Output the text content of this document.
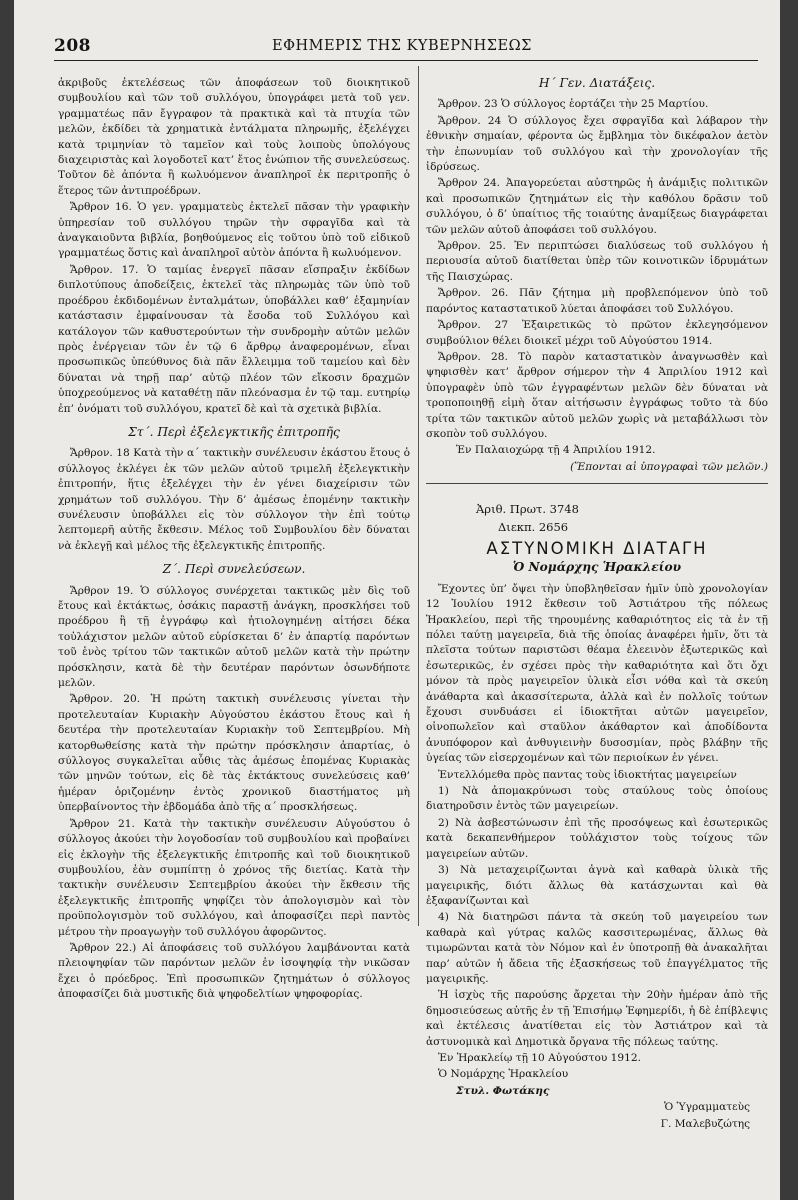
208	ΕΦΗΜΕΡΙΣ ΤΗΣ ΚΥΒΕΡΝΗΣΕΩΣ

ἀκριβοῦς ἐκτελέσεως τῶν ἀποφάσεων τοῦ διοικητικοῦ συμβουλίου καὶ τῶν τοῦ συλλόγου, ὑπογράφει μετὰ τοῦ γεν. γραμματέως πᾶν ἔγγραφον τὰ πρακτικὰ καὶ τὰ πτυχία τῶν μελῶν, ἐκδίδει τὰ χρηματικὰ ἐντάλματα πληρωμῆς, ἐξελέγχει κατὰ τριμηνίαν τὸ ταμεῖον καὶ τοὺς λοιποὺς ὑπολόγους διαχειριστὰς καὶ λογοδοτεῖ κατ’ ἔτος ἐνώπιον τῆς συνελεύσεως. Τοῦτον δὲ ἀπόντα ἢ κωλυόμενον ἀναπληροῖ ἐκ περιτροπῆς ὁ ἕτερος τῶν ἀντιπροέδρων.

Ἄρθρον 16. Ὁ γεν. γραμματεὺς ἐκτελεῖ πᾶσαν τὴν γραφικὴν ὑπηρεσίαν τοῦ συλλόγου τηρῶν τὴν σφραγῖδα καὶ τὰ ἀναγκαιοῦντα βιβλία, βοηθούμενος εἰς τοῦτου ὑπὸ τοῦ εἰδικοῦ γραμματέως ὅστις καὶ ἀναπληροῖ αὐτὸν ἀπόντα ἢ κωλυόμενον.

Ἄρθρον. 17. Ὁ ταμίας ἐνεργεῖ πᾶσαν εἴσπραξιν ἐκδίδων διπλοτύπους ἀποδείξεις, ἐκτελεῖ τὰς πληρωμὰς τῶν ὑπὸ τοῦ προέδρου ἐκδιδομένων ἐνταλμάτων, ὑποβάλλει καθ’ ἑξαμηνίαν κατάστασιν ἐμφαίνουσαν τὰ ἔσοδα τοῦ Συλλόγου καὶ κατάλογον τῶν καθυστερούντων τὴν συνδρομὴν αὐτῶν μελῶν πρὸς ἐνέργειαν τῶν ἐν τῷ 6 ἄρθρῳ ἀναφερομένων, εἶναι προσωπικῶς ὑπεύθυνος διὰ πᾶν ἔλλειμμα τοῦ ταμείου καὶ δὲν δύναται νὰ τηρῇ παρ’ αὐτῷ πλέον τῶν εἴκοσιν δραχμῶν ὑποχρεούμενος νὰ καταθέτῃ πᾶν πλεόνασμα ἐν τῷ ταμ. ευτηρίῳ ἐπ’ ὀνόματι τοῦ συλλόγου, κρατεῖ δὲ καὶ τὰ σχετικὰ βιβλία.

Στ΄. Περὶ ἐξελεγκτικῆς ἐπιτροπῆς

Ἄρθρον. 18 Κατὰ τὴν α΄ τακτικὴν συνέλευσιν ἑκάστου ἔτους ὁ σύλλογος ἐκλέγει ἐκ τῶν μελῶν αὐτοῦ τριμελῆ ἐξελεγκτικὴν ἐπιτροπήν, ἥτις ἐξελέγχει τὴν ἐν γένει διαχείρισιν τῶν χρημάτων τοῦ συλλόγου. Τὴν δ’ ἀμέσως ἑπομένην τακτικὴν συνέλευσιν ὑποβάλλει εἰς τὸν σύλλογον τὴν ἐπὶ τούτῳ λεπτομερῆ αὐτῆς ἔκθεσιν. Μέλος τοῦ Συμβουλίου δὲν δύναται νὰ ἐκλεγῇ καὶ μέλος τῆς ἐξελεγκτικῆς ἐπιτροπῆς.

Ζ΄. Περὶ συνελεύσεων.

Ἄρθρον 19. Ὁ σύλλογος συνέρχεται τακτικῶς μὲν δὶς τοῦ ἔτους καὶ ἐκτάκτως, ὁσάκις παραστῇ ἀνάγκη, προσκλήσει τοῦ προέδρου ἢ τῇ ἐγγράφῳ καὶ ἠτιολογημένῃ αἰτήσει δέκα τοὐλάχιστον μελῶν αὐτοῦ εὑρίσκεται δ’ ἐν ἀπαρτίᾳ παρόντων τοῦ ἑνὸς τρίτου τῶν τακτικῶν αὐτοῦ μελῶν κατὰ τὴν πρώτην πρόσκλησιν, κατὰ δὲ τὴν δευτέραν παρόντων ὁσωνδήποτε μελῶν.

Ἄρθρον. 20. Ἡ πρώτη τακτικὴ συνέλευσις γίνεται τὴν προτελευταίαν Κυριακὴν Αὐγούστου ἑκάστου ἔτους καὶ ἡ δευτέρα τὴν προτελευταίαν Κυριακὴν τοῦ Σεπτεμβρίου. Μὴ κατορθωθείσης κατὰ τὴν πρώτην πρόσκλησιν ἀπαρτίας, ὁ σύλλογος συγκαλεῖται αὖθις τὰς ἀμέσως ἑπομένας Κυριακὰς τῶν μηνῶν τούτων, εἰς δὲ τὰς ἐκτάκτους συνελεύσεις καθ’ ἡμέραν ὁριζομένην ἐντὸς χρονικοῦ διαστήματος μὴ ὑπερβαίνοντος τὴν ἑβδομάδα ἀπὸ τῆς α΄ προσκλήσεως.

Ἄρθρον 21. Κατὰ τὴν τακτικὴν συνέλευσιν Αὐγούστου ὁ σύλλογος ἀκούει τὴν λογοδοσίαν τοῦ συμβουλίου καὶ προβαίνει εἰς ἐκλογὴν τῆς ἐξελεγκτικῆς ἐπιτροπῆς καὶ τοῦ διοικητικοῦ συμβουλίου, ἐὰν συμπίπτῃ ὁ χρόνος τῆς διετίας. Κατὰ τὴν τακτικὴν συνέλευσιν Σεπτεμβρίου ἀκούει τὴν ἔκθεσιν τῆς ἐξελεγκτικῆς ἐπιτροπῆς ψηφίζει τὸν ἀπολογισμὸν καὶ τὸν προϋπολογισμὸν τοῦ συλλόγου, καὶ ἀποφασίζει περὶ παντὸς μέτρου τὴν προαγωγὴν τοῦ συλλόγου ἀφορῶντος.

Ἄρθρον 22.) Αἱ ἀποφάσεις τοῦ συλλόγου λαμβάνονται κατὰ πλειοψηφίαν τῶν παρόντων μελῶν ἐν ἰσοψηφίᾳ τὴν νικῶσαν ἔχει ὁ πρόεδρος. Ἐπὶ προσωπικῶν ζητημάτων ὁ σύλλογος ἀποφασίζει διὰ μυστικῆς διὰ ψηφοδελτίων ψηφοφορίας.

Η΄ Γεν. Διατάξεις.

Ἄρθρον. 23 Ὁ σύλλογος ἑορτάζει τὴν 25 Μαρτίου.

Ἄρθρον. 24 Ὁ σύλλογος ἔχει σφραγῖδα καὶ λάβαρον τὴν ἐθνικὴν σημαίαν, φέροντα ὡς ἔμβλημα τὸν δικέφαλον ἀετὸν τὴν ἐπωνυμίαν τοῦ συλλόγου καὶ τὴν χρονολογίαν τῆς ἱδρύσεως.

Ἄρθρον 24. Ἀπαγορεύεται αὐστηρῶς ἡ ἀνάμιξις πολιτικῶν καὶ προσωπικῶν ζητημάτων εἰς τὴν καθόλου δρᾶσιν τοῦ συλλόγου, ὁ δ’ ὑπαίτιος τῆς τοιαύτης ἀναμίξεως διαγράφεται τῶν μελῶν αὐτοῦ ἀποφάσει τοῦ συλλόγου.

Ἄρθρον. 25. Ἐν περιπτώσει διαλύσεως τοῦ συλλόγου ἡ περιουσία αὐτοῦ διατίθεται ὑπὲρ τῶν κοινοτικῶν ἱδρυμάτων τῆς Παισχώρας.

Ἄρθρον. 26. Πᾶν ζήτημα μὴ προβλεπόμενον ὑπὸ τοῦ παρόντος καταστατικοῦ λύεται ἀποφάσει τοῦ Συλλόγου.

Ἄρθρον. 27 Ἐξαιρετικῶς τὸ πρῶτον ἐκλεγησόμενον συμβούλιον θέλει διοικεῖ μέχρι τοῦ Αὐγούστου 1914.

Ἄρθρον. 28. Τὸ παρὸν καταστατικὸν ἀναγνωσθὲν καὶ ψηφισθὲν κατ’ ἄρθρον σήμερον τὴν 4 Ἀπριλίου 1912 καὶ ὑπογραφὲν ὑπὸ τῶν ἐγγραφέντων μελῶν δὲν δύναται νὰ τροποποιηθῇ εἰμὴ ὅταν αἰτήσωσιν ἐγγράφως τοῦτο τὰ δύο τρίτα τῶν τακτικῶν αὐτοῦ μελῶν χωρὶς νὰ μεταβάλλωσι τὸν σκοπὸν τοῦ συλλόγου.

Ἐν Παλαιοχώρᾳ τῇ 4 Ἀπριλίου 1912.

(Ἕπονται αἱ ὑπογραφαὶ τῶν μελῶν.)

Ἀριθ. Πρωτ. 3748
Διεκπ. 2656
ΑΣΤΥΝΟΜΙΚΗ ΔΙΑΤΑΓΗ
Ὁ Νομάρχης Ἡρακλείου

Ἔχοντες ὑπ’ ὄψει τὴν ὑποβληθεῖσαν ἡμῖν ὑπὸ χρονολογίαν 12 Ἰουλίου 1912 ἔκθεσιν τοῦ Ἀστιάτρου τῆς πόλεως Ἡρακλείου, περὶ τῆς τηρουμένης καθαριότητος εἰς τὰ ἐν τῇ πόλει ταύτῃ μαγειρεῖα, διὰ τῆς ὁποίας ἀναφέρει ἡμῖν, ὅτι τὰ πλεῖστα τούτων παριστῶσι θέαμα ἐλεεινὸν ἐξωτερικῶς καὶ ἐσωτερικῶς, ἐν σχέσει πρὸς τὴν καθαριότητα καὶ ὅτι ὄχι μόνον τὰ πρὸς μαγειρεῖον ὑλικὰ εἶσι νόθα καὶ τὰ σκεύη ἀνάθαρτα καὶ ἀκασσίτερωτα, ἀλλὰ καὶ ἐν πολλοῖς τούτων ἔχουσι συνδυάσει εἰ ἰδιοκτῆται αὐτῶν μαγειρεῖον, οἰνοπωλεῖον καὶ σταῦλον ἀκάθαρτον καὶ ἀποδίδοντα ἀνυπόφορον καὶ ἀνθυγιεινὴν δυσοσμίαν, πρὸς βλάβην τῆς ὑγείας τῶν εἰσερχομένων καὶ τῶν περιοίκων ἐν γένει.

Ἐντελλόμεθα πρὸς παντας τοὺς ἰδιοκτήτας μαγειρείων

1) Νὰ ἀπομακρύνωσι τοὺς σταύλους τοὺς ὁποίους διατηροῦσιν ἐντὸς τῶν μαγειρείων.

2) Νὰ ἀσβεστώνωσιν ἐπὶ τῆς προσόψεως καὶ ἐσωτερικῶς κατὰ δεκαπενθήμερον τοὐλάχιστον τοὺς τοίχους τῶν μαγειρείων αὐτῶν.

3) Νὰ μεταχειρίζωνται ἁγνὰ καὶ καθαρὰ ὑλικὰ τῆς μαγειρικῆς, διότι ἄλλως θὰ κατάσχωνται καὶ θὰ ἐξαφανίζωνται καὶ

4) Νὰ διατηρῶσι πάντα τὰ σκεύη τοῦ μαγειρείου των καθαρὰ καὶ γύτρας καλῶς κασσιτερωμένας, ἄλλως θὰ τιμωρῶνται κατὰ τὸν Νόμον καὶ ἐν ὑποτροπῇ θὰ ἀνακαλῆται παρ’ αὐτῶν ἡ ἄδεια τῆς ἐξασκήσεως τοῦ ἐπαγγέλματος τῆς μαγειρικῆς.

Ἡ ἰσχὺς τῆς παρούσης ἄρχεται τὴν 20ὴν ἡμέραν ἀπὸ τῆς δημοσιεύσεως αὐτῆς ἐν τῇ Ἐπισήμῳ Ἐφημερίδι, ἡ δὲ ἐπίβλεψις καὶ ἐκτέλεσις ἀνατίθεται εἰς τὸν Ἀστιάτρον καὶ τὰ ἀστυνομικὰ καὶ Δημοτικὰ ὄργανα τῆς πόλεως ταύτης.

Ἐν Ἡρακλείῳ τῇ 10 Αὐγούστου 1912.

Ὁ Νομάρχης Ἡρακλείου

Στυλ. Φωτάκης

Ὁ Ὑγραμματεὺς

Γ. Μαλεβυζώτης
